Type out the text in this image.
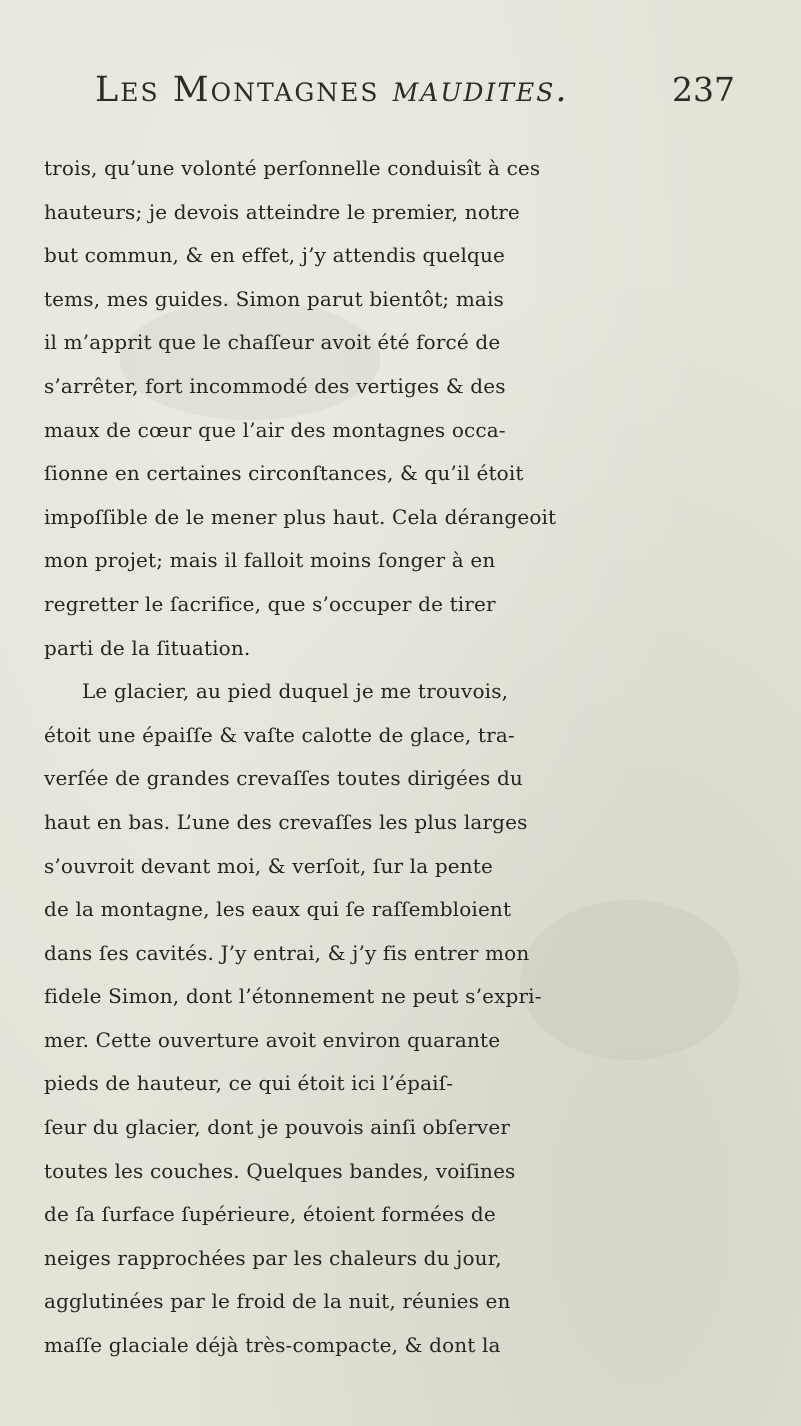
Les Montagnes maudites.	237
trois, qu’une volonté perſonnelle conduisît à ces
hauteurs; je devois atteindre le premier, notre
but commun, & en effet, j’y attendis quelque
tems, mes guides. Simon parut bientôt; mais
il m’apprit que le chaſſeur avoit été forcé de
s’arrêter, fort incommodé des vertiges & des
maux de cœur que l’air des montagnes occa-
ſionne en certaines circonſtances, & qu’il étoit
impoſſible de le mener plus haut. Cela dérangeoit
mon projet; mais il falloit moins ſonger à en
regretter le ſacrifice, que s’occuper de tirer
parti de la ſituation.
Le glacier, au pied duquel je me trouvois,
étoit une épaiſſe & vaſte calotte de glace, tra-
verſée de grandes crevaſſes toutes dirigées du
haut en bas. L’une des crevaſſes les plus larges
s’ouvroit devant moi, & verſoit, ſur la pente
de la montagne, les eaux qui ſe raſſembloient
dans ſes cavités. J’y entrai, & j’y fis entrer mon
fidele Simon, dont l’étonnement ne peut s’expri-
mer. Cette ouverture avoit environ quarante
pieds de hauteur, ce qui étoit ici l’épaiſ-
ſeur du glacier, dont je pouvois ainſi obſerver
toutes les couches. Quelques bandes, voiſines
de ſa ſurface ſupérieure, étoient formées de
neiges rapprochées par les chaleurs du jour,
agglutinées par le froid de la nuit, réunies en
maſſe glaciale déjà très-compacte, & dont la
